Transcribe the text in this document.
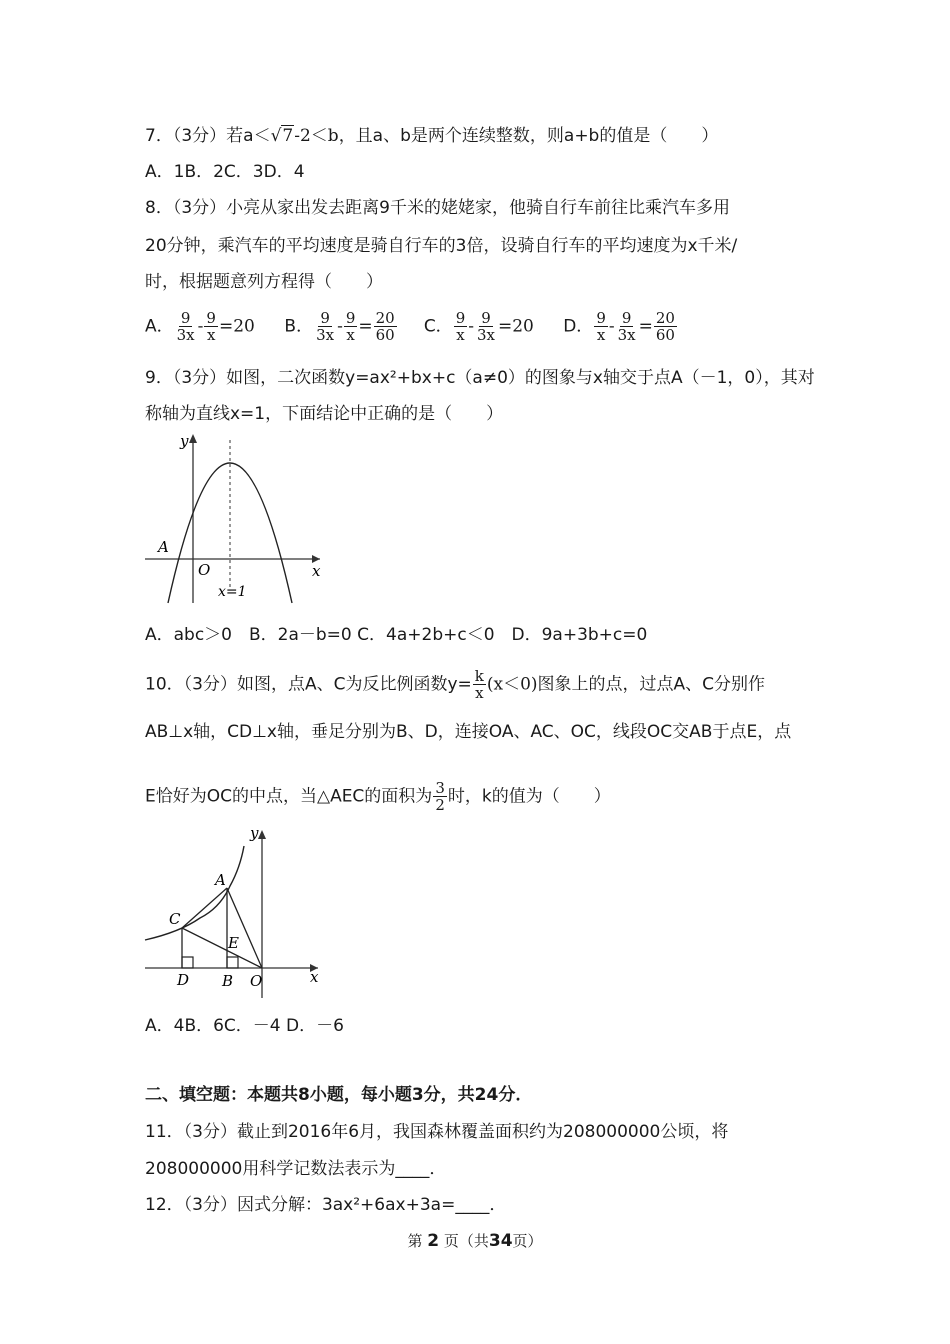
7．（3分）若a＜√7-2＜b，且a、b是两个连续整数，则a+b的值是（　　）
A．1B．2C．3D．4
8．（3分）小亮从家出发去距离9千米的姥姥家，他骑自行车前往比乘汽车多用
20分钟，乘汽车的平均速度是骑自行车的3倍，设骑自行车的平均速度为x千米/
时，根据题意列方程得（　　）
A． $\frac{9}{3x} - \frac{9}{x} =20$ B． $\frac{9}{3x} - \frac{9}{x} = \frac{20}{60}$ C． $\frac{9}{x} - \frac{9}{3x} =20$ D． $\frac{9}{x} - \frac{9}{3x} = \frac{20}{60}$
9．（3分）如图，二次函数y=ax²+bx+c（a≠0）的图象与x轴交于点A（－1，0），其对
称轴为直线x=1，下面结论中正确的是（　　）
y
x
O
A
x=1
A．abc＞0　B．2a－b=0 C．4a+2b+c＜0　D．9a+3b+c=0
10．（3分）如图，点A、C为反比例函数$y= \frac{k}{x} (x<0)$图象上的点，过点A、C分别作
AB⊥x轴，CD⊥x轴，垂足分别为B、D，连接OA、AC、OC，线段OC交AB于点E，点
E恰好为OC的中点，当△AEC的面积为 $\frac{3}{2}$ 时，k的值为（　　）
y
x
A
C
E
D B O
A．4B．6C．－4 D．－6
二、填空题：本题共8小题，每小题3分，共24分．
11．（3分）截止到2016年6月，我国森林覆盖面积约为208000000公顷，将
208000000用科学记数法表示为____．
12．（3分）因式分解：3ax²+6ax+3a=____．
第 2 页（共34页）
